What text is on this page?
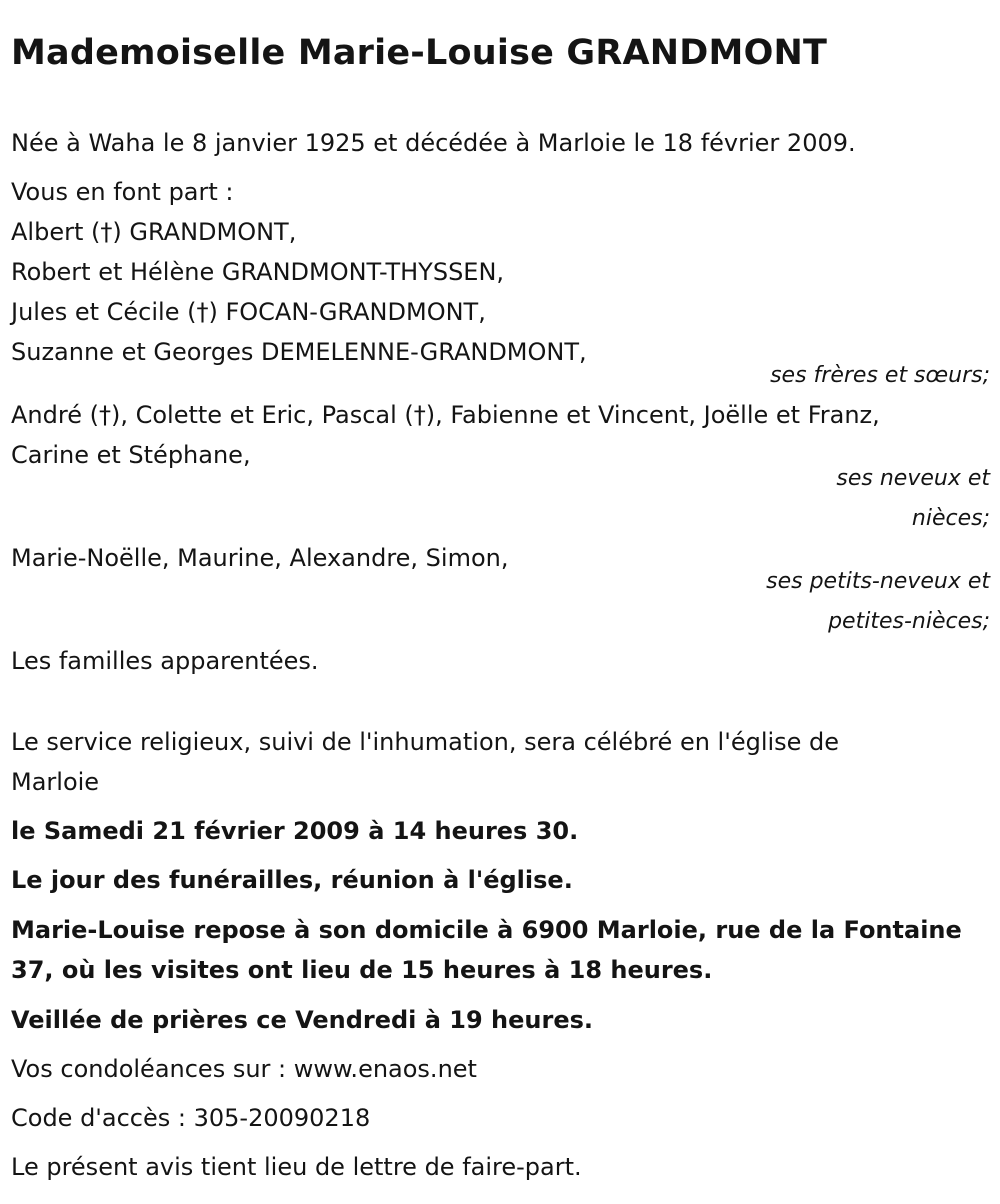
Mademoiselle Marie-Louise GRANDMONT
Née à Waha le 8 janvier 1925 et décédée à Marloie le 18 février 2009.
Vous en font part :
Albert (†) GRANDMONT,
Robert et Hélène GRANDMONT-THYSSEN,
Jules et Cécile (†) FOCAN-GRANDMONT,
Suzanne et Georges DEMELENNE-GRANDMONT,
ses frères et sœurs;
André (†), Colette et Eric, Pascal (†), Fabienne et Vincent, Joëlle et Franz,
Carine et Stéphane,
ses neveux et
nièces;
Marie-Noëlle, Maurine, Alexandre, Simon,
ses petits-neveux et
petites-nièces;
Les familles apparentées.
Le service religieux, suivi de l'inhumation, sera célébré en l'église de
Marloie
le Samedi 21 février 2009 à 14 heures 30.
Le jour des funérailles, réunion à l'église.
Marie-Louise repose à son domicile à 6900 Marloie, rue de la Fontaine
37, où les visites ont lieu de 15 heures à 18 heures.
Veillée de prières ce Vendredi à 19 heures.
Vos condoléances sur : www.enaos.net
Code d'accès : 305-20090218
Le présent avis tient lieu de lettre de faire-part.
